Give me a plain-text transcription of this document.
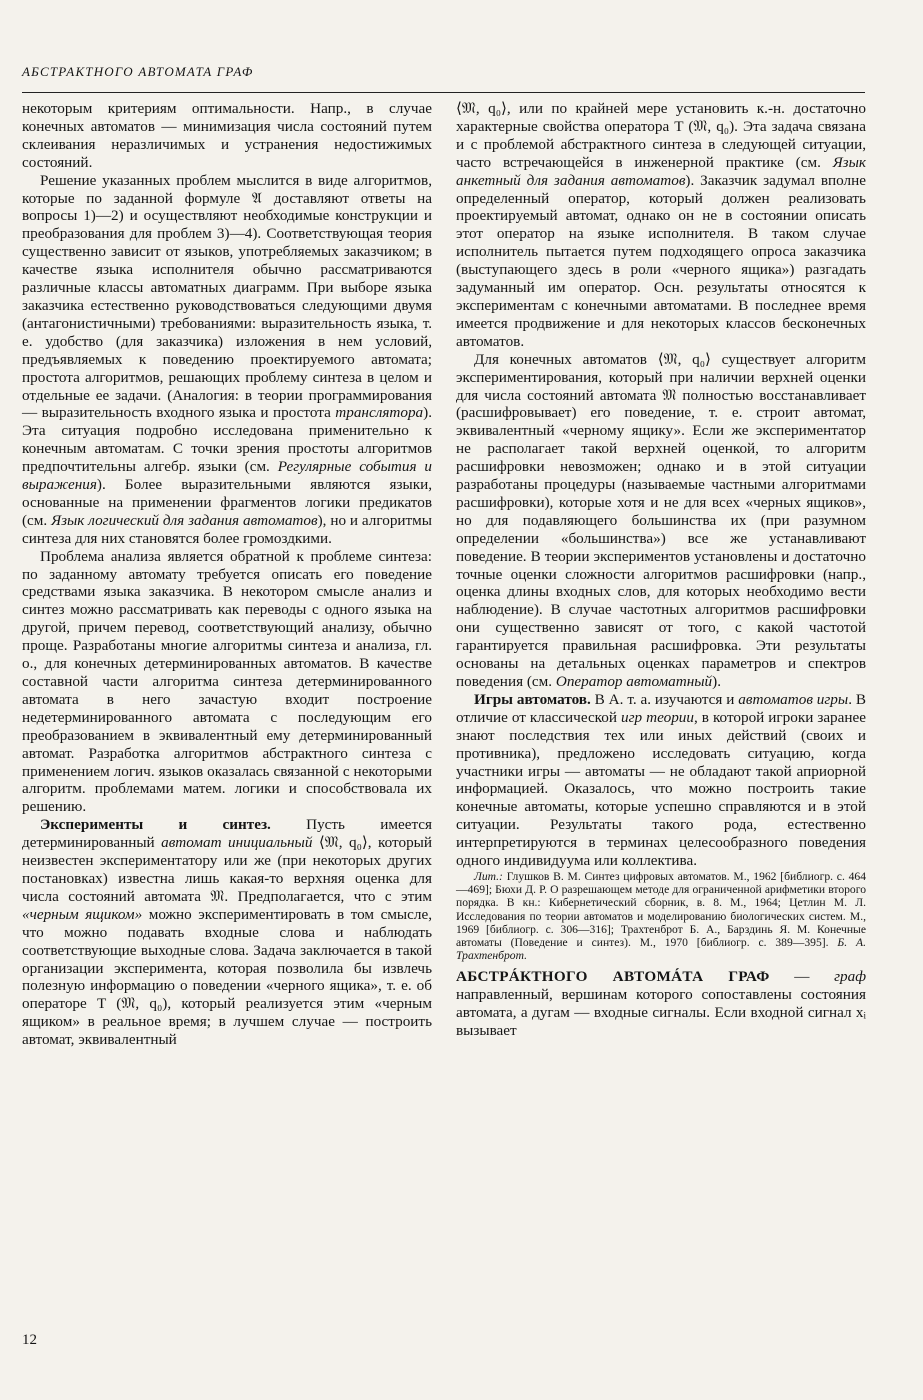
АБСТРАКТНОГО АВТОМАТА ГРАФ

некоторым критериям оптимальности. Напр., в случае конечных автоматов — минимизация числа состояний путем склеивания неразличимых и устранения недостижимых состояний.

Решение указанных проблем мыслится в виде алгоритмов, которые по заданной формуле 𝔄 доставляют ответы на вопросы 1)—2) и осуществляют необходимые конструкции и преобразования для проблем 3)—4). Соответствующая теория существенно зависит от языков, употребляемых заказчиком; в качестве языка исполнителя обычно рассматриваются различные классы автоматных диаграмм. При выборе языка заказчика естественно руководствоваться следующими двумя (антагонистичными) требованиями: выразительность языка, т. е. удобство (для заказчика) изложения в нем условий, предъявляемых к поведению проектируемого автомата; простота алгоритмов, решающих проблему синтеза в целом и отдельные ее задачи. (Аналогия: в теории программирования — выразительность входного языка и простота транслятора). Эта ситуация подробно исследована применительно к конечным автоматам. С точки зрения простоты алгоритмов предпочтительны алгебр. языки (см. Регулярные события и выражения). Более выразительными являются языки, основанные на применении фрагментов логики предикатов (см. Язык логический для задания автоматов), но и алгоритмы синтеза для них становятся более громоздкими.

Проблема анализа является обратной к проблеме синтеза: по заданному автомату требуется описать его поведение средствами языка заказчика. В некотором смысле анализ и синтез можно рассматривать как переводы с одного языка на другой, причем перевод, соответствующий анализу, обычно проще. Разработаны многие алгоритмы синтеза и анализа, гл. о., для конечных детерминированных автоматов. В качестве составной части алгоритма синтеза детерминированного автомата в него зачастую входит построение недетерминированного автомата с последующим его преобразованием в эквивалентный ему детерминированный автомат. Разработка алгоритмов абстрактного синтеза с применением логич. языков оказалась связанной с некоторыми алгоритм. проблемами матем. логики и способствовала их решению.

Эксперименты и синтез. Пусть имеется детерминированный автомат инициальный ⟨𝔐, q₀⟩, который неизвестен экспериментатору или же (при некоторых других постановках) известна лишь какая-то верхняя оценка для числа состояний автомата 𝔐. Предполагается, что с этим «черным ящиком» можно экспериментировать в том смысле, что можно подавать входные слова и наблюдать соответствующие выходные слова. Задача заключается в такой организации эксперимента, которая позволила бы извлечь полезную информацию о поведении «черного ящика», т. е. об операторе T (𝔐, q₀), который реализуется этим «черным ящиком» в реальное время; в лучшем случае — построить автомат, эквивалентный

⟨𝔐, q₀⟩, или по крайней мере установить к.-н. достаточно характерные свойства оператора T (𝔐, q₀). Эта задача связана и с проблемой абстрактного синтеза в следующей ситуации, часто встречающейся в инженерной практике (см. Язык анкетный для задания автоматов). Заказчик задумал вполне определенный оператор, который должен реализовать проектируемый автомат, однако он не в состоянии описать этот оператор на языке исполнителя. В таком случае исполнитель пытается путем подходящего опроса заказчика (выступающего здесь в роли «черного ящика») разгадать задуманный им оператор. Осн. результаты относятся к экспериментам с конечными автоматами. В последнее время имеется продвижение и для некоторых классов бесконечных автоматов.

Для конечных автоматов ⟨𝔐, q₀⟩ существует алгоритм экспериментирования, который при наличии верхней оценки для числа состояний автомата 𝔐 полностью восстанавливает (расшифровывает) его поведение, т. е. строит автомат, эквивалентный «черному ящику». Если же экспериментатор не располагает такой верхней оценкой, то алгоритм расшифровки невозможен; однако и в этой ситуации разработаны процедуры (называемые частными алгоритмами расшифровки), которые хотя и не для всех «черных ящиков», но для подавляющего большинства их (при разумном определении «большинства») все же устанавливают поведение. В теории экспериментов установлены и достаточно точные оценки сложности алгоритмов расшифровки (напр., оценка длины входных слов, для которых необходимо вести наблюдение). В случае частотных алгоритмов расшифровки они существенно зависят от того, с какой частотой гарантируется правильная расшифровка. Эти результаты основаны на детальных оценках параметров и спектров поведения (см. Оператор автоматный).

Игры автоматов. В А. т. а. изучаются и автоматов игры. В отличие от классической игр теории, в которой игроки заранее знают последствия тех или иных действий (своих и противника), предложено исследовать ситуацию, когда участники игры — автоматы — не обладают такой априорной информацией. Оказалось, что можно построить такие конечные автоматы, которые успешно справляются и в этой ситуации. Результаты такого рода, естественно интерпретируются в терминах целесообразного поведения одного индивидуума или коллектива.

Лит.: Глушков В. М. Синтез цифровых автоматов. М., 1962 [библиогр. с. 464—469]; Бюхи Д. Р. О разрешающем методе для ограниченной арифметики второго порядка. В кн.: Кибернетический сборник, в. 8. М., 1964; Цетлин М. Л. Исследования по теории автоматов и моделированию биологических систем. М., 1969 [библиогр. с. 306—316]; Трахтенброт Б. А., Барздинь Я. М. Конечные автоматы (Поведение и синтез). М., 1970 [библиогр. с. 389—395]. Б. А. Трахтенброт.

АБСТРÁКТНОГО АВТОМÁТА ГРАФ — граф направленный, вершинам которого сопоставлены состояния автомата, а дугам — входные сигналы. Если входной сигнал xᵢ вызывает

12
